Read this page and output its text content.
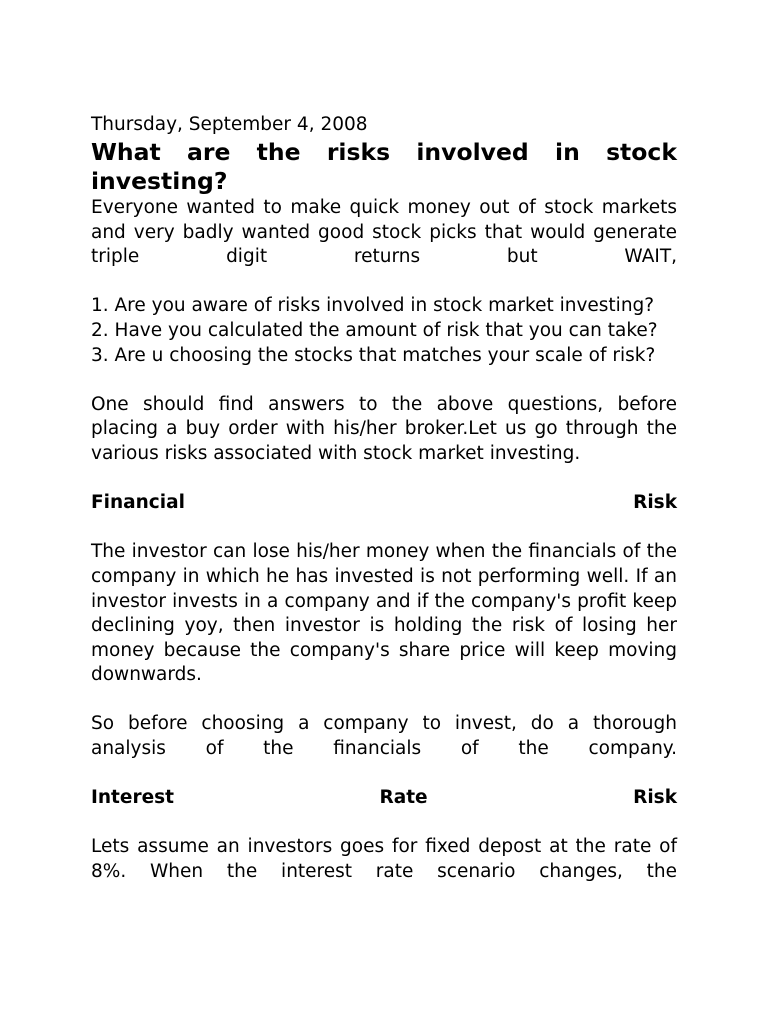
Thursday, September 4, 2008

What are the risks involved in stock investing?

Everyone wanted to make quick money out of stock markets and very badly wanted good stock picks that would generate triple digit returns but WAIT,

1. Are you aware of risks involved in stock market investing?

2. Have you calculated the amount of risk that you can take?

3. Are u choosing the stocks that matches your scale of risk?

One should find answers to the above questions, before placing a buy order with his/her broker.Let us go through the various risks associated with stock market investing.

Financial Risk

The investor can lose his/her money when the financials of the company in which he has invested is not performing well. If an investor invests in a company and if the company's profit keep declining yoy, then investor is holding the risk of losing her money because the company's share price will keep moving downwards.

So before choosing a company to invest, do a thorough analysis of the financials of the company.

Interest Rate Risk

Lets assume an investors goes for fixed depost at the rate of 8%. When the interest rate scenario changes, the
